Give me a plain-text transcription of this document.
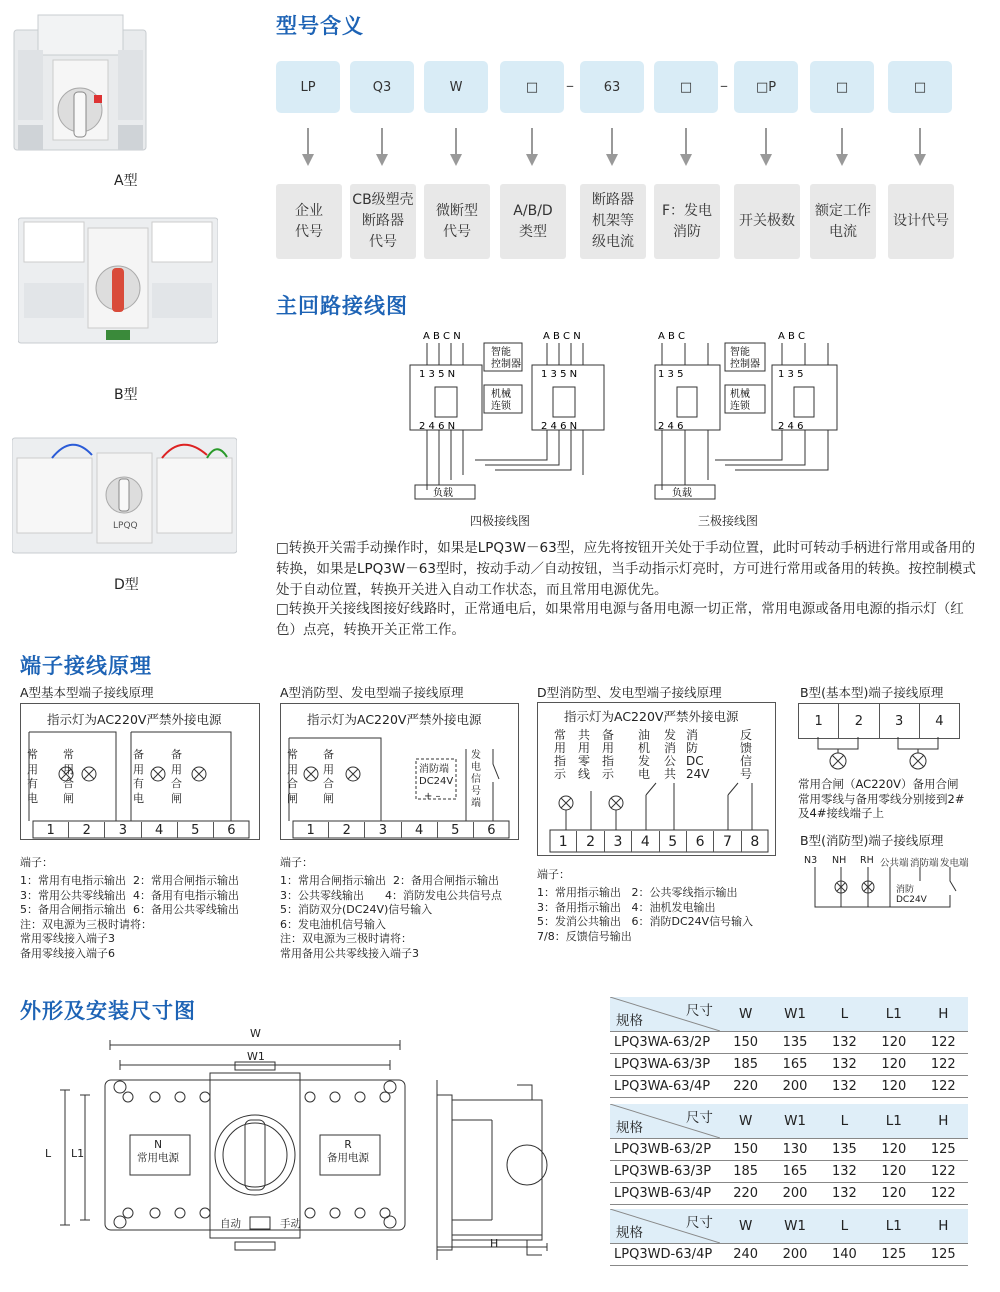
A型
B型
LPQQ
D型
型号含义
LP	Q3	W	□	63	□	□P	□	□
–	–
企业
代号
CB级塑壳
断路器
代号
微断型
代号
A/B/D
类型
断路器
机架等
级电流
F：发电
消防
开关极数
额定工作
电流
设计代号
主回路接线图
A B C N	A B C N
1 3 5 N	1 3 5 N
2 4 6 N	2 4 6 N
智能控制器
机械连锁
负载
四极接线图
A B C	A B C
1 3 5	1 3 5
2 4 6	2 4 6
智能控制器
机械连锁
负载
三极接线图
□转换开关需手动操作时，如果是LPQ3W－63型，应先将按钮开关处于手动位置，此时可转动手柄进行常用或备用的转换，如果是LPQ3W－63型时，按动手动／自动按钮，当手动指示灯亮时，方可进行常用或备用的转换。按控制模式处于自动位置，转换开关进入自动工作状态，而且常用电源优先。
□转换开关接线图接好线路时，正常通电后，如果常用电源与备用电源一切正常，常用电源或备用电源的指示灯（红色）点亮，转换开关正常工作。
端子接线原理
A型基本型端子接线原理
指示灯为AC220V严禁外接电源
常
用
有
电
常
用
合
闸
备
用
有
电
备
用
合
闸
1	2	3	4	5	6
端子：
1：常用有电指示输出  2：常用合闸指示输出
3：常用公共零线输出  4：备用有电指示输出
5：备用合闸指示输出  6：备用公共零线输出
注：双电源为三极时请将：
常用零线接入端子3
备用零线接入端子6
A型消防型、发电型端子接线原理
指示灯为AC220V严禁外接电源
常
用
合
闸
备
用
合
闸
消防端
DC24V
+ –
发
电
信
号
端
1	2	3	4	5	6
端子：
1：常用合闸指示输出  2：备用合闸指示输出
3：公共零线输出      4：消防发电公共信号点
5：消防双分(DC24V)信号输入
6：发电油机信号输入
注：双电源为三极时请将：
常用备用公共零线接入端子3
D型消防型、发电型端子接线原理
指示灯为AC220V严禁外接电源
常
用
指
示
共
用
零
线
备
用
指
示
油
机
发
电
发
消
公
共
消
防
DC
24V
反
馈
信
号
1	2	3	4	5	6	7	8
端子：
1：常用指示输出   2：公共零线指示输出
3：备用指示输出   4：油机发电输出
5：发消公共输出   6：消防DC24V信号输入
7/8：反馈信号输出
B型(基本型)端子接线原理
1	2	3	4
常用合闸（AC220V）备用合闸
常用零线与备用零线分别接到2#
及4#接线端子上
B型(消防型)端子接线原理
N3 NH RH 公共端 消防端 发电端
消防
DC24V
外形及安装尺寸图
W
W1
L L1
N
常用电源
R
备用电源
自动	手动
H
尺寸
规格	W	W1	L	L1	H
LPQ3WA-63/2P	150	135	132	120	122
LPQ3WA-63/3P	185	165	132	120	122
LPQ3WA-63/4P	220	200	132	120	122
尺寸
规格	W	W1	L	L1	H
LPQ3WB-63/2P	150	130	135	120	125
LPQ3WB-63/3P	185	165	132	120	122
LPQ3WB-63/4P	220	200	132	120	122
尺寸
规格	W	W1	L	L1	H
LPQ3WD-63/4P	240	200	140	125	125
